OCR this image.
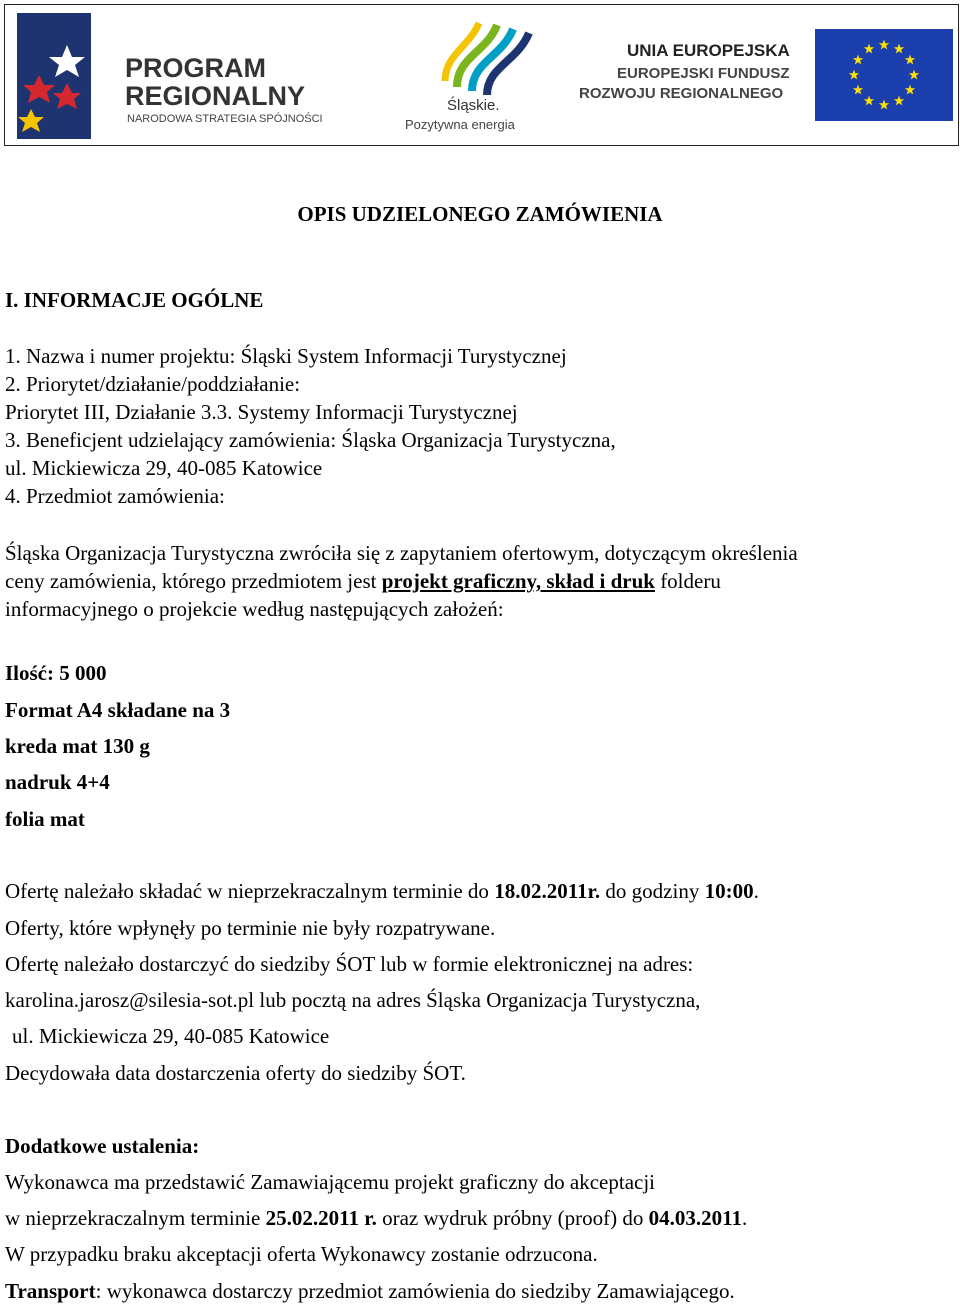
PROGRAM
REGIONALNY
NARODOWA STRATEGIA SPÓJNOŚCI
Śląskie.
Pozytywna energia
UNIA EUROPEJSKA
EUROPEJSKI FUNDUSZ
ROZWOJU REGIONALNEGO
OPIS UDZIELONEGO ZAMÓWIENIA
I. INFORMACJE OGÓLNE
1. Nazwa i numer projektu: Śląski System Informacji Turystycznej
2. Priorytet/działanie/poddziałanie:
Priorytet III, Działanie 3.3. Systemy Informacji Turystycznej
3. Beneficjent udzielający zamówienia: Śląska Organizacja Turystyczna,
ul. Mickiewicza 29, 40-085 Katowice
4. Przedmiot zamówienia:
Śląska Organizacja Turystyczna zwróciła się z zapytaniem ofertowym, dotyczącym określenia
ceny zamówienia, którego przedmiotem jest projekt graficzny, skład i druk folderu
informacyjnego o projekcie według następujących założeń:
Ilość: 5 000
Format A4 składane na 3
kreda mat 130 g
nadruk 4+4
folia mat
Ofertę należało składać w nieprzekraczalnym terminie do 18.02.2011r. do godziny 10:00.
Oferty, które wpłynęły po terminie nie były rozpatrywane.
Ofertę należało dostarczyć do siedziby ŚOT lub w formie elektronicznej na adres:
karolina.jarosz@silesia-sot.pl lub pocztą na adres Śląska Organizacja Turystyczna,
ul. Mickiewicza 29, 40-085 Katowice
Decydowała data dostarczenia oferty do siedziby ŚOT.
Dodatkowe ustalenia:
Wykonawca ma przedstawić Zamawiającemu projekt graficzny do akceptacji
w nieprzekraczalnym terminie 25.02.2011 r. oraz wydruk próbny (proof) do 04.03.2011.
W przypadku braku akceptacji oferta Wykonawcy zostanie odrzucona.
Transport: wykonawca dostarczy przedmiot zamówienia do siedziby Zamawiającego.
